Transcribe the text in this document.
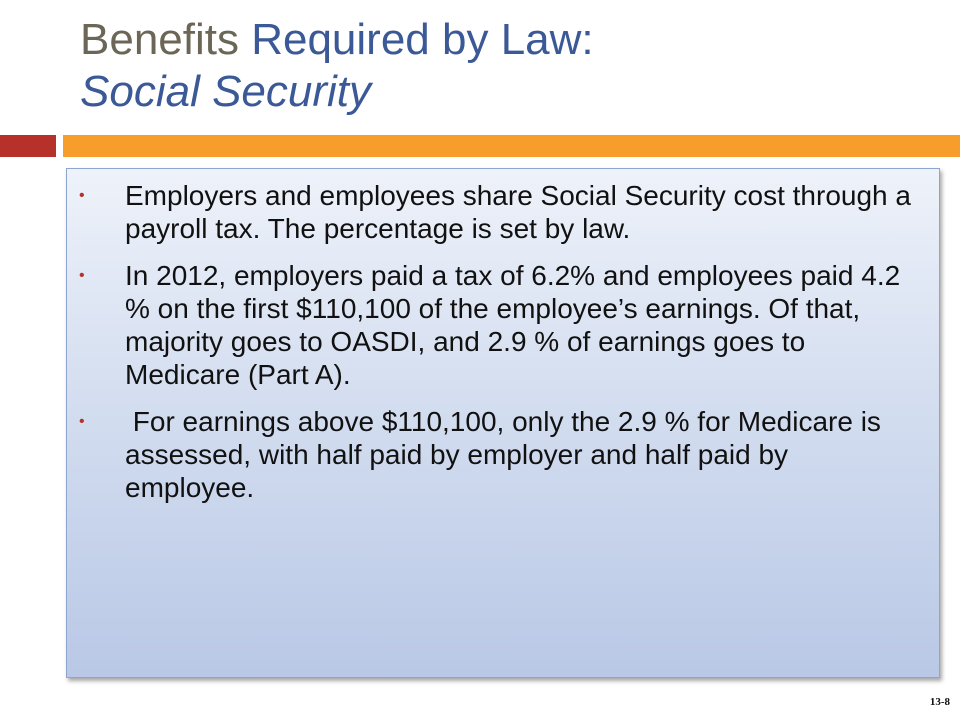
Benefits Required by Law:
Social Security
• Employers and employees share Social Security cost through a payroll tax. The percentage is set by law.
• In 2012, employers paid a tax of 6.2% and employees paid 4.2 % on the first $110,100 of the employee’s earnings. Of that, majority goes to OASDI, and 2.9 % of earnings goes to Medicare (Part A).
• For earnings above $110,100, only the 2.9 % for Medicare is assessed, with half paid by employer and half paid by employee.
13-8
